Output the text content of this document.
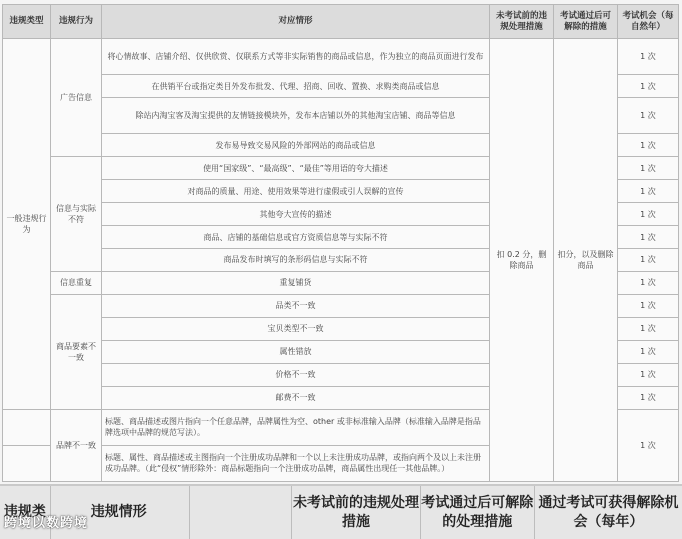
违规类型	违规行为	对应情形	未考试前的违规处理措施	考试通过后可解除的措施	考试机会（每自然年）
一般违规行为	广告信息	将心情故事、店铺介绍、仅供欣赏、仅联系方式等非实际销售的商品或信息，作为独立的商品页面进行发布	扣 0.2 分，删除商品	扣分，以及删除商品	1 次
		在供销平台或指定类目外发布批发、代理、招商、回收、置换、求购类商品或信息			1 次
		除站内淘宝客及淘宝提供的友情链接模块外，发布本店铺以外的其他淘宝店铺、商品等信息			1 次
		发布易导致交易风险的外部网站的商品或信息			1 次
	信息与实际不符	使用“国家级”、“最高级”、“最佳”等用语的夸大描述			1 次
		对商品的质量、用途、使用效果等进行虚假或引人误解的宣传			1 次
		其他夸大宣传的描述			1 次
		商品、店铺的基础信息或官方资质信息等与实际不符			1 次
		商品发布时填写的条形码信息与实际不符			1 次
	信息重复	重复铺货			1 次
	商品要素不一致	品类不一致			1 次
		宝贝类型不一致			1 次
		属性错放			1 次
		价格不一致			1 次
		邮费不一致			1 次
	品牌不一致	标题、商品描述或图片指向一个任意品牌，品牌属性为空、other 或非标准输入品牌（标准输入品牌是指品牌选项中品牌的规范写法）。			1 次
		标题、属性、商品描述或主图指向一个注册成功品牌和一个以上未注册成功品牌，或指向两个及以上未注册成功品牌。（此“侵权”情形除外：商品标题指向一个注册成功品牌，商品属性出现任一其他品牌。）			
违规类	违规情形
未考试前的违规处理措施
考试通过后可解除的处理措施
通过考试可获得解除机会（每年）
跨境以数跨境
